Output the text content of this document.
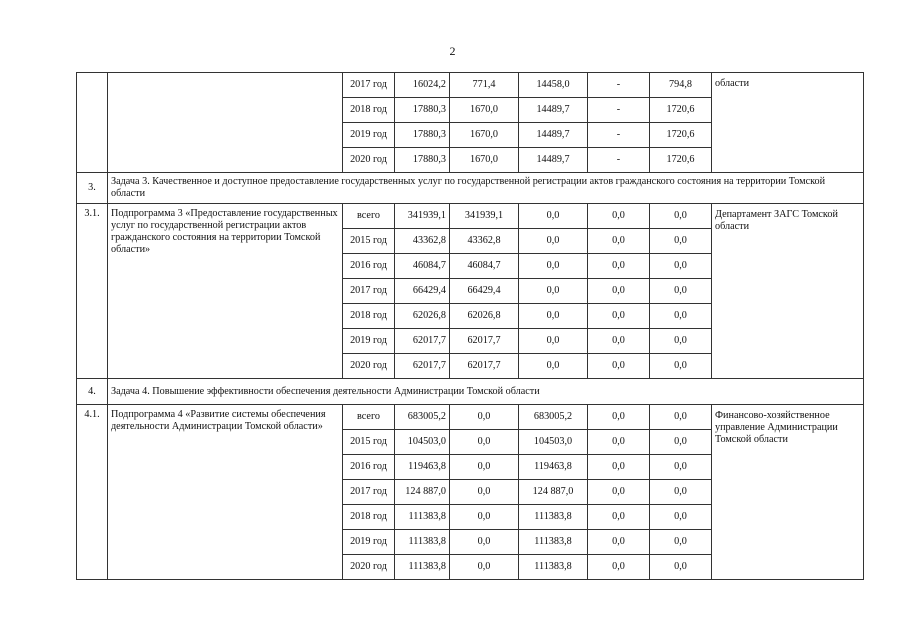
2
		2017 год	16024,2	771,4	14458,0	-	794,8	области
		2018 год	17880,3	1670,0	14489,7	-	1720,6	
		2019 год	17880,3	1670,0	14489,7	-	1720,6	
		2020 год	17880,3	1670,0	14489,7	-	1720,6	
3.	Задача 3. Качественное и доступное предоставление государственных услуг по государственной регистрации актов гражданского состояния на территории Томской области							
3.1.	Подпрограмма 3 «Предоставление государственных услуг по государственной регистрации актов гражданского состояния на территории Томской области»	всего	341939,1	341939,1	0,0	0,0	0,0	Департамент ЗАГС Томской области
		2015 год	43362,8	43362,8	0,0	0,0	0,0	
		2016 год	46084,7	46084,7	0,0	0,0	0,0	
		2017 год	66429,4	66429,4	0,0	0,0	0,0	
		2018 год	62026,8	62026,8	0,0	0,0	0,0	
		2019 год	62017,7	62017,7	0,0	0,0	0,0	
		2020 год	62017,7	62017,7	0,0	0,0	0,0	
4.	Задача 4. Повышение эффективности обеспечения деятельности Администрации Томской области							
4.1.	Подпрограмма 4 «Развитие системы обеспечения деятельности Администрации Томской области»	всего	683005,2	0,0	683005,2	0,0	0,0	Финансово-хозяйственное управление Администрации Томской области
		2015 год	104503,0	0,0	104503,0	0,0	0,0	
		2016 год	119463,8	0,0	119463,8	0,0	0,0	
		2017 год	124 887,0	0,0	124 887,0	0,0	0,0	
		2018 год	111383,8	0,0	111383,8	0,0	0,0	
		2019 год	111383,8	0,0	111383,8	0,0	0,0	
		2020 год	111383,8	0,0	111383,8	0,0	0,0	
